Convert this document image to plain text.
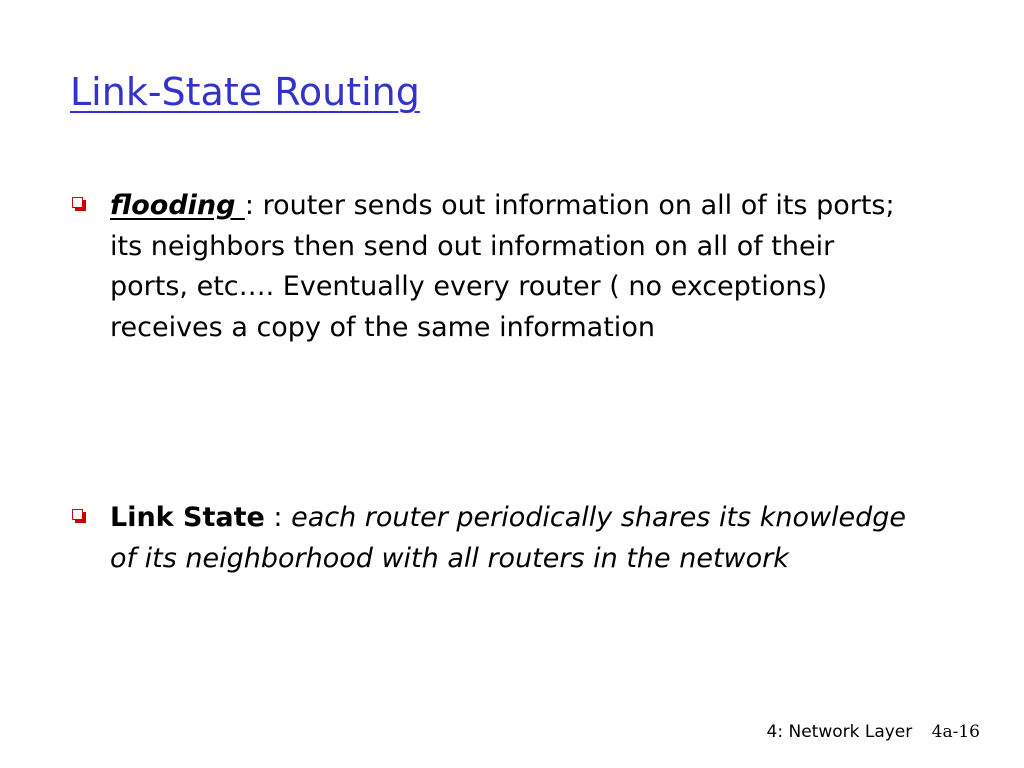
Link-State Routing
flooding : router sends out information on all of its ports; its neighbors then send out information on all of their ports, etc…. Eventually every router ( no exceptions) receives a copy of the same information
Link State : each router periodically shares its knowledge of its neighborhood with all routers in the network
4: Network Layer 4a-16
